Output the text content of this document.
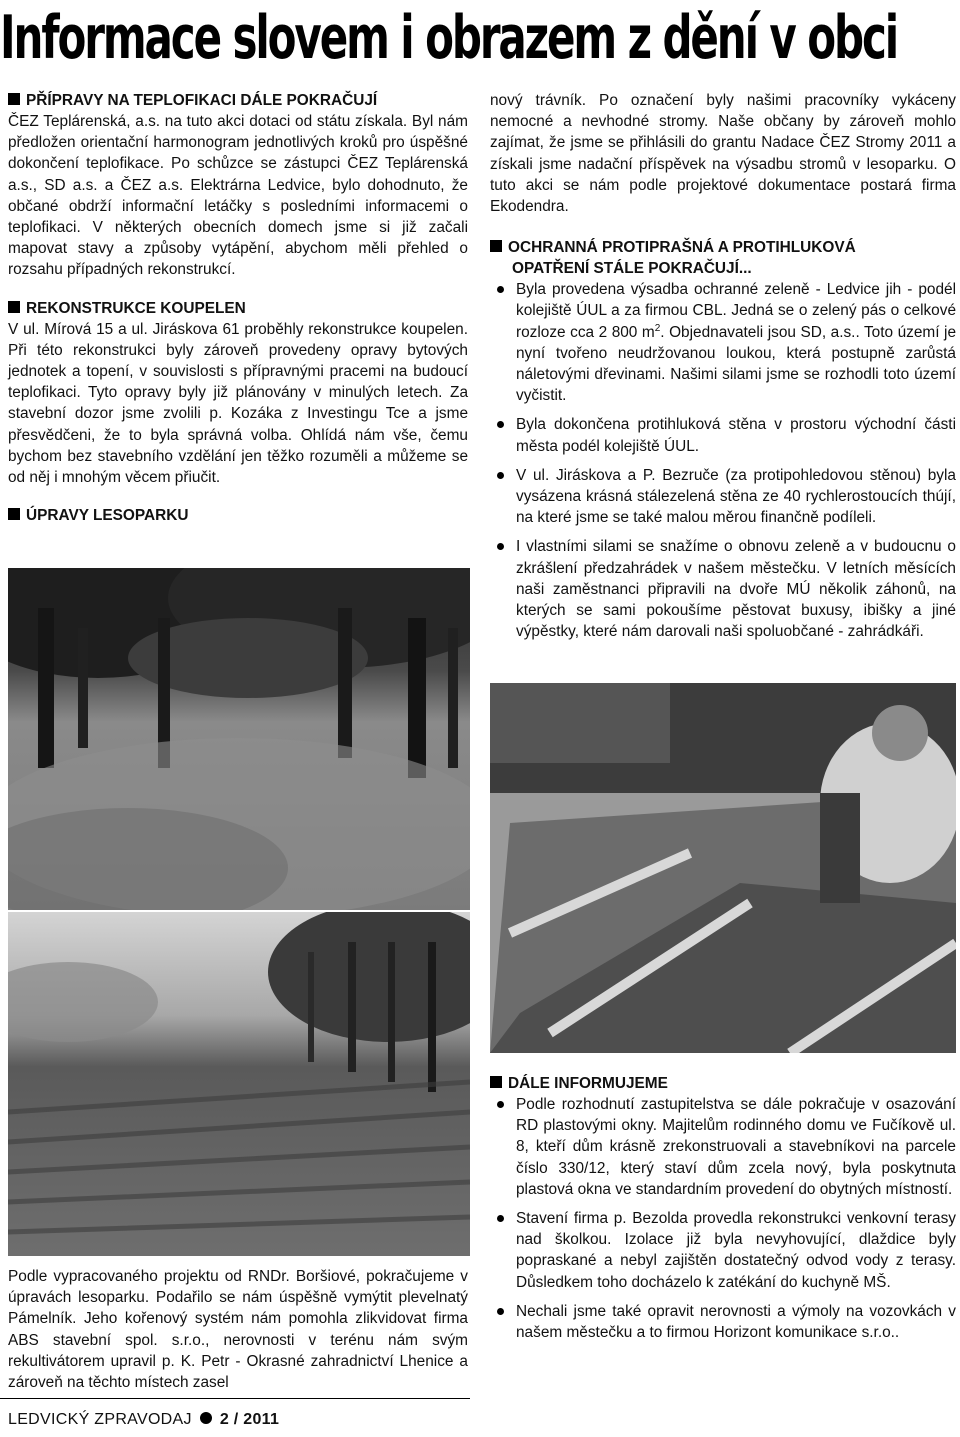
Informace slovem i obrazem z dění v obci

PŘÍPRAVY NA TEPLOFIKACI DÁLE POKRAČUJÍ

ČEZ Teplárenská, a.s. na tuto akci dotaci od státu získala. Byl nám předložen orientační harmonogram jednotlivých kroků pro úspěšné dokončení teplofikace. Po schůzce se zástupci ČEZ Teplárenská a.s., SD a.s. a ČEZ a.s. Elektrárna Ledvice, bylo dohodnuto, že občané obdrží informační letáčky s posledními informacemi o teplofikaci. V některých obecních domech jsme si již začali mapovat stavy a způsoby vytápění, abychom měli přehled o rozsahu případných rekonstrukcí.

REKONSTRUKCE KOUPELEN

V ul. Mírová 15 a ul. Jiráskova 61 proběhly rekonstrukce koupelen. Při této rekonstrukci byly zároveň provedeny opravy bytových jednotek a topení, v souvislosti s přípravnými pracemi na budoucí teplofikaci. Tyto opravy byly již plánovány v minulých letech. Za stavební dozor jsme zvolili p. Kozáka z Investingu Tce a jsme přesvědčeni, že to byla správná volba. Ohlídá nám vše, čemu bychom bez stavebního vzdělání jen těžko rozuměli a můžeme se od něj i mnohým věcem přiučit.

ÚPRAVY LESOPARKU

nový trávník. Po označení byly našimi pracovníky vykáceny nemocné a nevhodné stromy. Naše občany by zároveň mohlo zajímat, že jsme se přihlásili do grantu Nadace ČEZ Stromy 2011 a získali jsme nadační příspěvek na výsadbu stromů v lesoparku. O tuto akci se nám podle projektové dokumentace postará firma Ekodendra.

OCHRANNÁ PROTIPRAŠNÁ A PROTIHLUKOVÁ

OPATŘENÍ STÁLE POKRAČUJÍ...

Byla provedena výsadba ochranné zeleně - Ledvice jih - podél kolejiště ÚUL a za firmou CBL. Jedná se o zelený pás o celkové rozloze cca 2 800 $m^2$. Objednavateli jsou SD, a.s.. Toto území je nyní tvořeno neudržovanou loukou, která postupně zarůstá náletovými dřevinami. Našimi silami jsme se rozhodli toto území vyčistit.
Byla dokončena protihluková stěna v prostoru východní části města podél kolejiště ÚUL.
V ul. Jiráskova a P. Bezruče (za protipohledovou stěnou) byla vysázena krásná stálezelená stěna ze 40 rychlerostoucích thújí, na které jsme se také malou měrou finančně podíleli.
I vlastními silami se snažíme o obnovu zeleně a v budoucnu o zkrášlení předzahrádek v našem městečku. V letních měsících naši zaměstnanci připravili na dvoře MÚ několik záhonů, na kterých se sami pokoušíme pěstovat buxusy, ibišky a jiné výpěstky, které nám darovali naši spoluobčané - zahrádkáři.

DÁLE INFORMUJEME

Podle rozhodnutí zastupitelstva se dále pokračuje v osazování RD plastovými okny. Majitelům rodinného domu ve Fučíkově ul. 8, kteří dům krásně zrekonstruovali a stavebníkovi na parcele číslo 330/12, který staví dům zcela nový, byla poskytnuta plastová okna ve standardním provedení do obytných místností.
Stavení firma p. Bezolda provedla rekonstrukci venkovní terasy nad školkou. Izolace již byla nevyhovující, dlaždice byly popraskané a nebyl zajištěn dostatečný odvod vody z terasy. Důsledkem toho docházelo k zatékání do kuchyně MŠ.
Nechali jsme také opravit nerovnosti a výmoly na vozovkách v našem městečku a to firmou Horizont komunikace s.r.o..
Podle vypracovaného projektu od RNDr. Boršiové, pokračujeme v úpravách lesoparku. Podařilo se nám úspěšně vymýtit plevelnatý Pámelník. Jeho kořenový systém nám pomohla zlikvidovat firma ABS stavební spol. s.r.o., nerovnosti v terénu nám svým rekultivátorem upravil p. K. Petr - Okrasné zahradnictví Lhenice a zároveň na těchto místech zasel
LEDVICKÝ ZPRAVODAJ 2 / 2011
